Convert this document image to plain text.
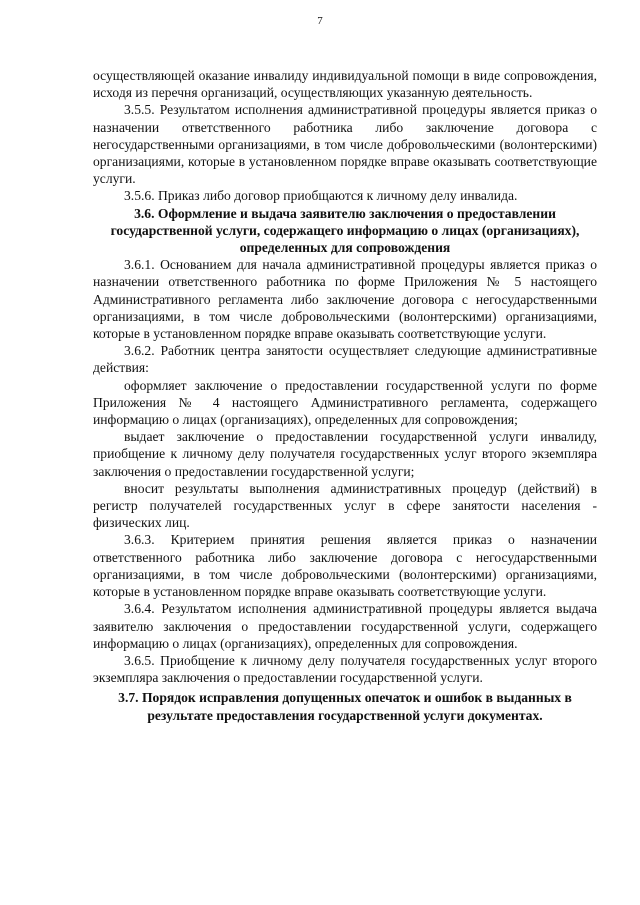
7

осуществляющей оказание инвалиду индивидуальной помощи в виде сопровождения, исходя из перечня организаций, осуществляющих указанную деятельность.

3.5.5. Результатом исполнения административной процедуры является приказ о назначении ответственного работника либо заключение договора с негосударственными организациями, в том числе добровольческими (волонтерскими) организациями, которые в установленном порядке вправе оказывать соответствующие услуги.

3.5.6. Приказ либо договор приобщаются к личному делу инвалида.

3.6. Оформление и выдача заявителю заключения о предоставлении государственной услуги, содержащего информацию о лицах (организациях), определенных для сопровождения

3.6.1. Основанием для начала административной процедуры является приказ о назначении ответственного работника по форме Приложения № 5 настоящего Административного регламента либо заключение договора с негосударственными организациями, в том числе добровольческими (волонтерскими) организациями, которые в установленном порядке вправе оказывать соответствующие услуги.

3.6.2. Работник центра занятости осуществляет следующие административные действия:

оформляет заключение о предоставлении государственной услуги по форме Приложения № 4 настоящего Административного регламента, содержащего информацию о лицах (организациях), определенных для сопровождения;

выдает заключение о предоставлении государственной услуги инвалиду, приобщение к личному делу получателя государственных услуг второго экземпляра заключения о предоставлении государственной услуги;

вносит результаты выполнения административных процедур (действий) в регистр получателей государственных услуг в сфере занятости населения - физических лиц.

3.6.3. Критерием принятия решения является приказ о назначении ответственного работника либо заключение договора с негосударственными организациями, в том числе добровольческими (волонтерскими) организациями, которые в установленном порядке вправе оказывать соответствующие услуги.

3.6.4. Результатом исполнения административной процедуры является выдача заявителю заключения о предоставлении государственной услуги, содержащего информацию о лицах (организациях), определенных для сопровождения.

3.6.5. Приобщение к личному делу получателя государственных услуг второго экземпляра заключения о предоставлении государственной услуги.

3.7. Порядок исправления допущенных опечаток и ошибок в выданных в результате предоставления государственной услуги документах.
